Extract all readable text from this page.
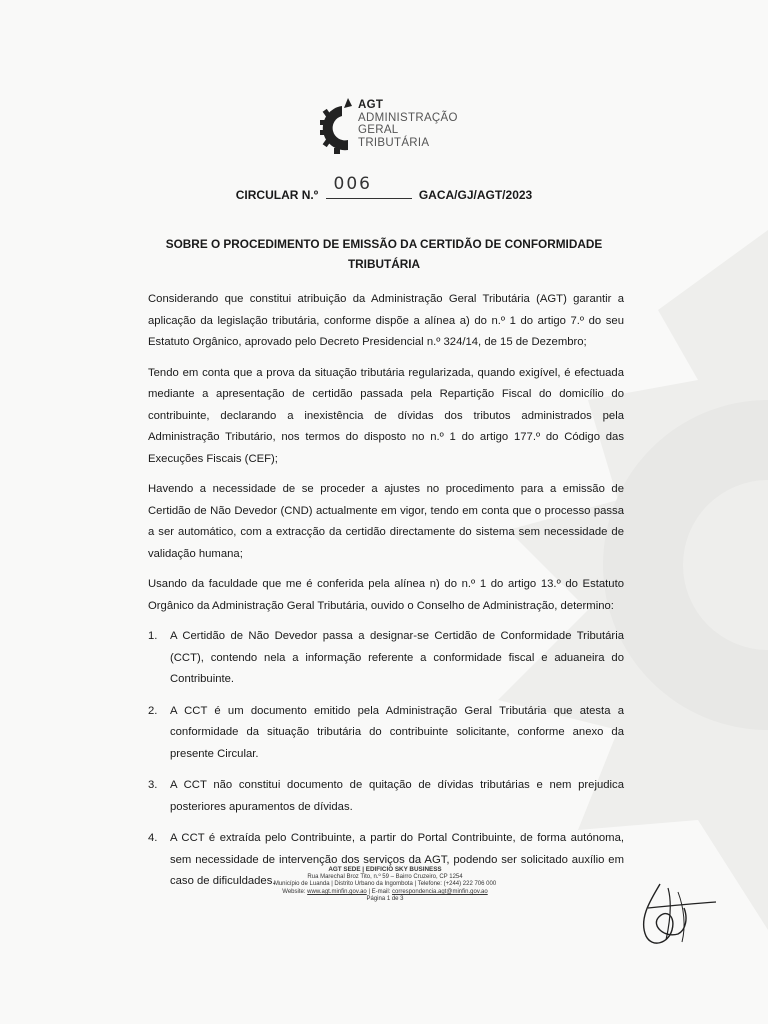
AGT
ADMINISTRAÇÃO
GERAL
TRIBUTÁRIA
CIRCULAR N.º
006
GACA/GJ/AGT/2023
SOBRE O PROCEDIMENTO DE EMISSÃO DA CERTIDÃO DE CONFORMIDADE
TRIBUTÁRIA

Considerando que constitui atribuição da Administração Geral Tributária (AGT) garantir a aplicação da legislação tributária, conforme dispõe a alínea a) do n.º 1 do artigo 7.º do seu Estatuto Orgânico, aprovado pelo Decreto Presidencial n.º 324/14, de 15 de Dezembro;

Tendo em conta que a prova da situação tributária regularizada, quando exigível, é efectuada mediante a apresentação de certidão passada pela Repartição Fiscal do domicílio do contribuinte, declarando a inexistência de dívidas dos tributos administrados pela Administração Tributário, nos termos do disposto no n.º 1 do artigo 177.º do Código das Execuções Fiscais (CEF);

Havendo a necessidade de se proceder a ajustes no procedimento para a emissão de Certidão de Não Devedor (CND) actualmente em vigor, tendo em conta que o processo passa a ser automático, com a extracção da certidão directamente do sistema sem necessidade de validação humana;

Usando da faculdade que me é conferida pela alínea n) do n.º 1 do artigo 13.º do Estatuto Orgânico da Administração Geral Tributária, ouvido o Conselho de Administração, determino:

1. A Certidão de Não Devedor passa a designar-se Certidão de Conformidade Tributária (CCT), contendo nela a informação referente a conformidade fiscal e aduaneira do Contribuinte.
2. A CCT é um documento emitido pela Administração Geral Tributária que atesta a conformidade da situação tributária do contribuinte solicitante, conforme anexo da presente Circular.
3. A CCT não constitui documento de quitação de dívidas tributárias e nem prejudica posteriores apuramentos de dívidas.
4. A CCT é extraída pelo Contribuinte, a partir do Portal Contribuinte, de forma autónoma, sem necessidade de intervenção dos serviços da AGT, podendo ser solicitado auxílio em caso de dificuldades.
AGT SEDE | EDIFICIO SKY BUSINESS
Rua Marechal Broz Tito, n.º 59 – Bairro Cruzeiro, CP 1254
Município de Luanda | Distrito Urbano da Ingombota | Telefone: (+244) 222 706 000
Website: www.agt.minfin.gov.ao | E-mail: correspondencia.agt@minfin.gov.ao
Página 1 de 3
